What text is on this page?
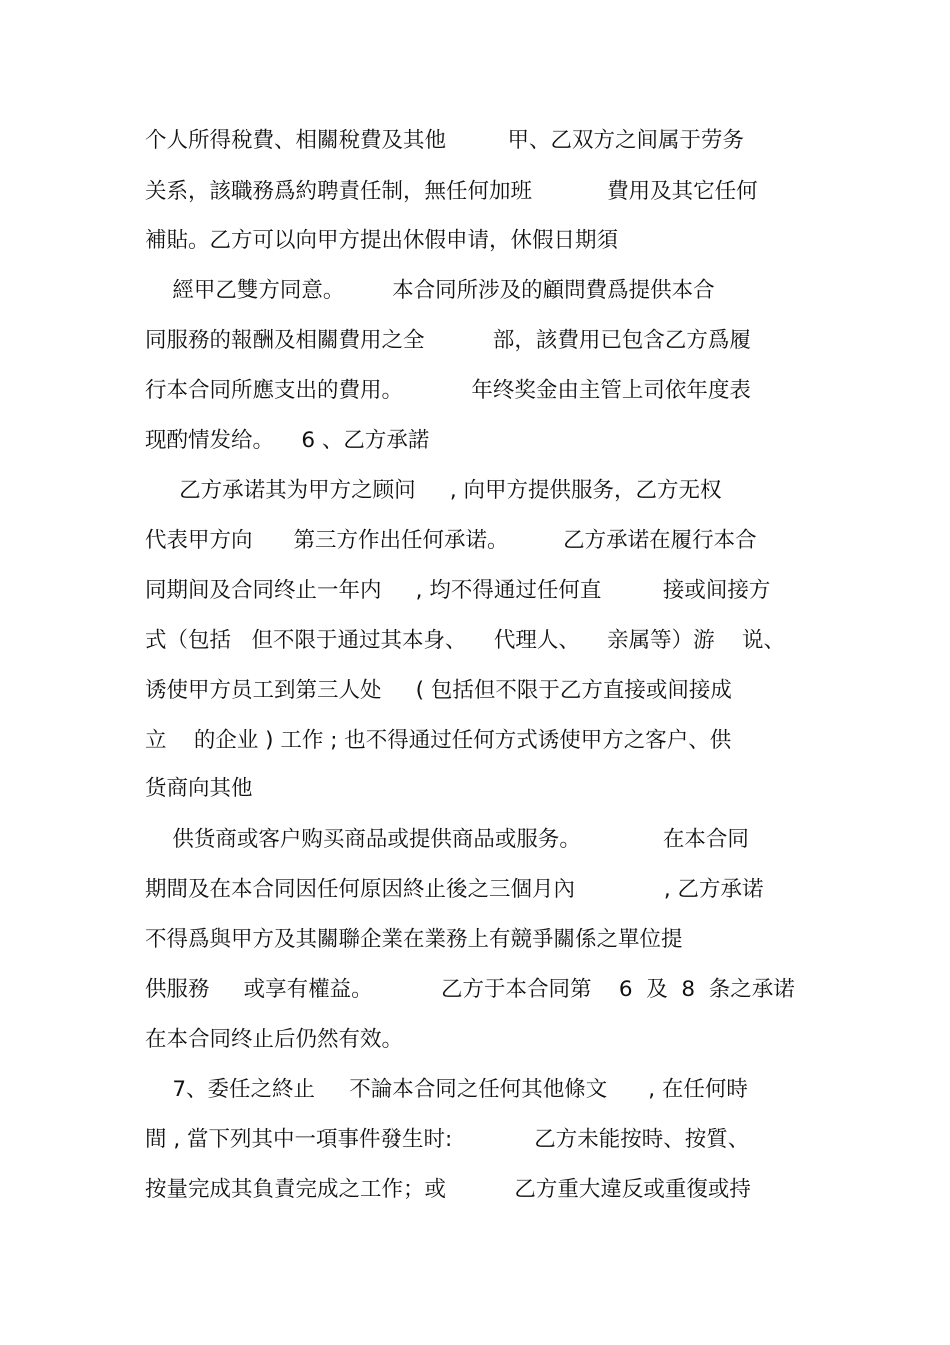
个人所得稅費、相關稅費及其他         甲、乙双方之间属于劳务
关系，該職務爲約聘責任制，無任何加班           費用及其它任何
補貼。乙方可以向甲方提出休假申请，休假日期須
經甲乙雙方同意。       本合同所涉及的顧問費爲提供本合
同服務的報酬及相關費用之全          部，該費用已包含乙方爲履
行本合同所應支出的費用。          年终奖金由主管上司依年度表
现酌情发给。    6 、乙方承諾
乙方承诺其为甲方之顾问     , 向甲方提供服务，乙方无权
代表甲方向      第三方作出任何承诺。        乙方承诺在履行本合
同期间及合同终止一年内     , 均不得通过任何直         接或间接方
式（包括   但不限于通过其本身、    代理人、    亲属等）游    说、
诱使甲方员工到第三人处     ( 包括但不限于乙方直接或间接成
立    的企业 ) 工作 ; 也不得通过任何方式诱使甲方之客户、供
货商向其他
供货商或客户购买商品或提供商品或服务。            在本合同
期間及在本合同因任何原因終止後之三個月內             , 乙方承诺
不得爲與甲方及其關聯企業在業務上有競爭關係之單位提
供服務     或享有權益。          乙方于本合同第    6  及  8  条之承诺
在本合同终止后仍然有效。
7、委任之終止     不論本合同之任何其他條文      , 在任何時
間 , 當下列其中一項事件發生时:            乙方未能按時、按質、
按量完成其負責完成之工作；或          乙方重大違反或重復或持
